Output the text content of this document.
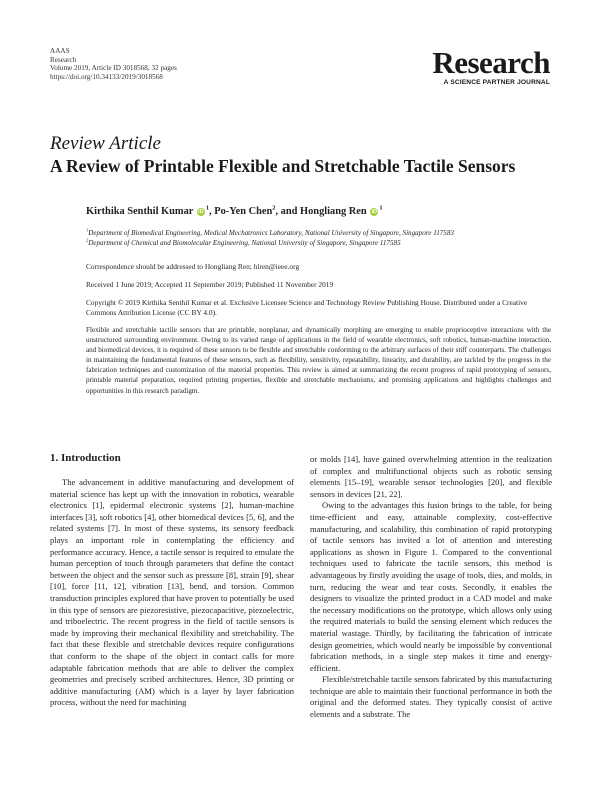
AAAS
Research
Volume 2019, Article ID 3018568, 32 pages
https://doi.org/10.34133/2019/3018568	Research
A SCIENCE PARTNER JOURNAL
Review Article
A Review of Printable Flexible and Stretchable Tactile Sensors
Kirthika Senthil Kumar $iD^1$, Po-Yen Chen$^2$, and Hongliang Ren $iD^1$
$^1$Department of Biomedical Engineering, Medical Mechatronics Laboratory, National University of Singapore, Singapore 117583
$^2$Department of Chemical and Biomolecular Engineering, National University of Singapore, Singapore 117585
Correspondence should be addressed to Hongliang Ren; hlren@ieee.org
Received 1 June 2019; Accepted 11 September 2019; Published 11 November 2019
Copyright © 2019 Kirthika Senthil Kumar et al. Exclusive Licensee Science and Technology Review Publishing House. Distributed under a Creative Commons Attribution License (CC BY 4.0).
Flexible and stretchable tactile sensors that are printable, nonplanar, and dynamically morphing are emerging to enable proprioceptive interactions with the unstructured surrounding environment. Owing to its varied range of applications in the field of wearable electronics, soft robotics, human-machine interaction, and biomedical devices, it is required of these sensors to be flexible and stretchable conforming to the arbitrary surfaces of their stiff counterparts. The challenges in maintaining the fundamental features of these sensors, such as flexibility, sensitivity, repeatability, linearity, and durability, are tackled by the progress in the fabrication techniques and customization of the material properties. This review is aimed at summarizing the recent progress of rapid prototyping of sensors, printable material preparation, required printing properties, flexible and stretchable mechanisms, and promising applications and highlights challenges and opportunities in this research paradigm.
1. Introduction

The advancement in additive manufacturing and development of material science has kept up with the innovation in robotics, wearable electronics [1], epidermal electronic systems [2], human-machine interfaces [3], soft robotics [4], other biomedical devices [5, 6], and the related systems [7]. In most of these systems, its sensory feedback plays an important role in contemplating the efficiency and performance accuracy. Hence, a tactile sensor is required to emulate the human perception of touch through parameters that define the contact between the object and the sensor such as pressure [8], strain [9], shear [10], force [11, 12], vibration [13], bend, and torsion. Common transduction principles explored that have proven to potentially be used in this type of sensors are piezoresistive, piezocapacitive, piezoelectric, and triboelectric. The recent progress in the field of tactile sensors is made by improving their mechanical flexibility and stretchability. The fact that these flexible and stretchable devices require configurations that conform to the shape of the object in contact calls for more adaptable fabrication methods that are able to deliver the complex geometries and precisely scribed architectures. Hence, 3D printing or additive manufacturing (AM) which is a layer by layer fabrication process, without the need for machining

or molds [14], have gained overwhelming attention in the realization of complex and multifunctional objects such as robotic sensing elements [15–19], wearable sensor technologies [20], and flexible sensors in devices [21, 22].

Owing to the advantages this fusion brings to the table, for being time-efficient and easy, attainable complexity, cost-effective manufacturing, and scalability, this combination of rapid prototyping of tactile sensors has invited a lot of attention and interesting applications as shown in Figure 1. Compared to the conventional techniques used to fabricate the tactile sensors, this method is advantageous by firstly avoiding the usage of tools, dies, and molds, in turn, reducing the wear and tear costs. Secondly, it enables the designers to visualize the printed product in a CAD model and make the necessary modifications on the prototype, which allows only using the required materials to build the sensing element which reduces the material wastage. Thirdly, by facilitating the fabrication of intricate design geometries, which would nearly be impossible by conventional fabrication methods, in a single step makes it time and energy-efficient.

Flexible/stretchable tactile sensors fabricated by this manufacturing technique are able to maintain their functional performance in both the original and the deformed states. They typically consist of active elements and a substrate. The
